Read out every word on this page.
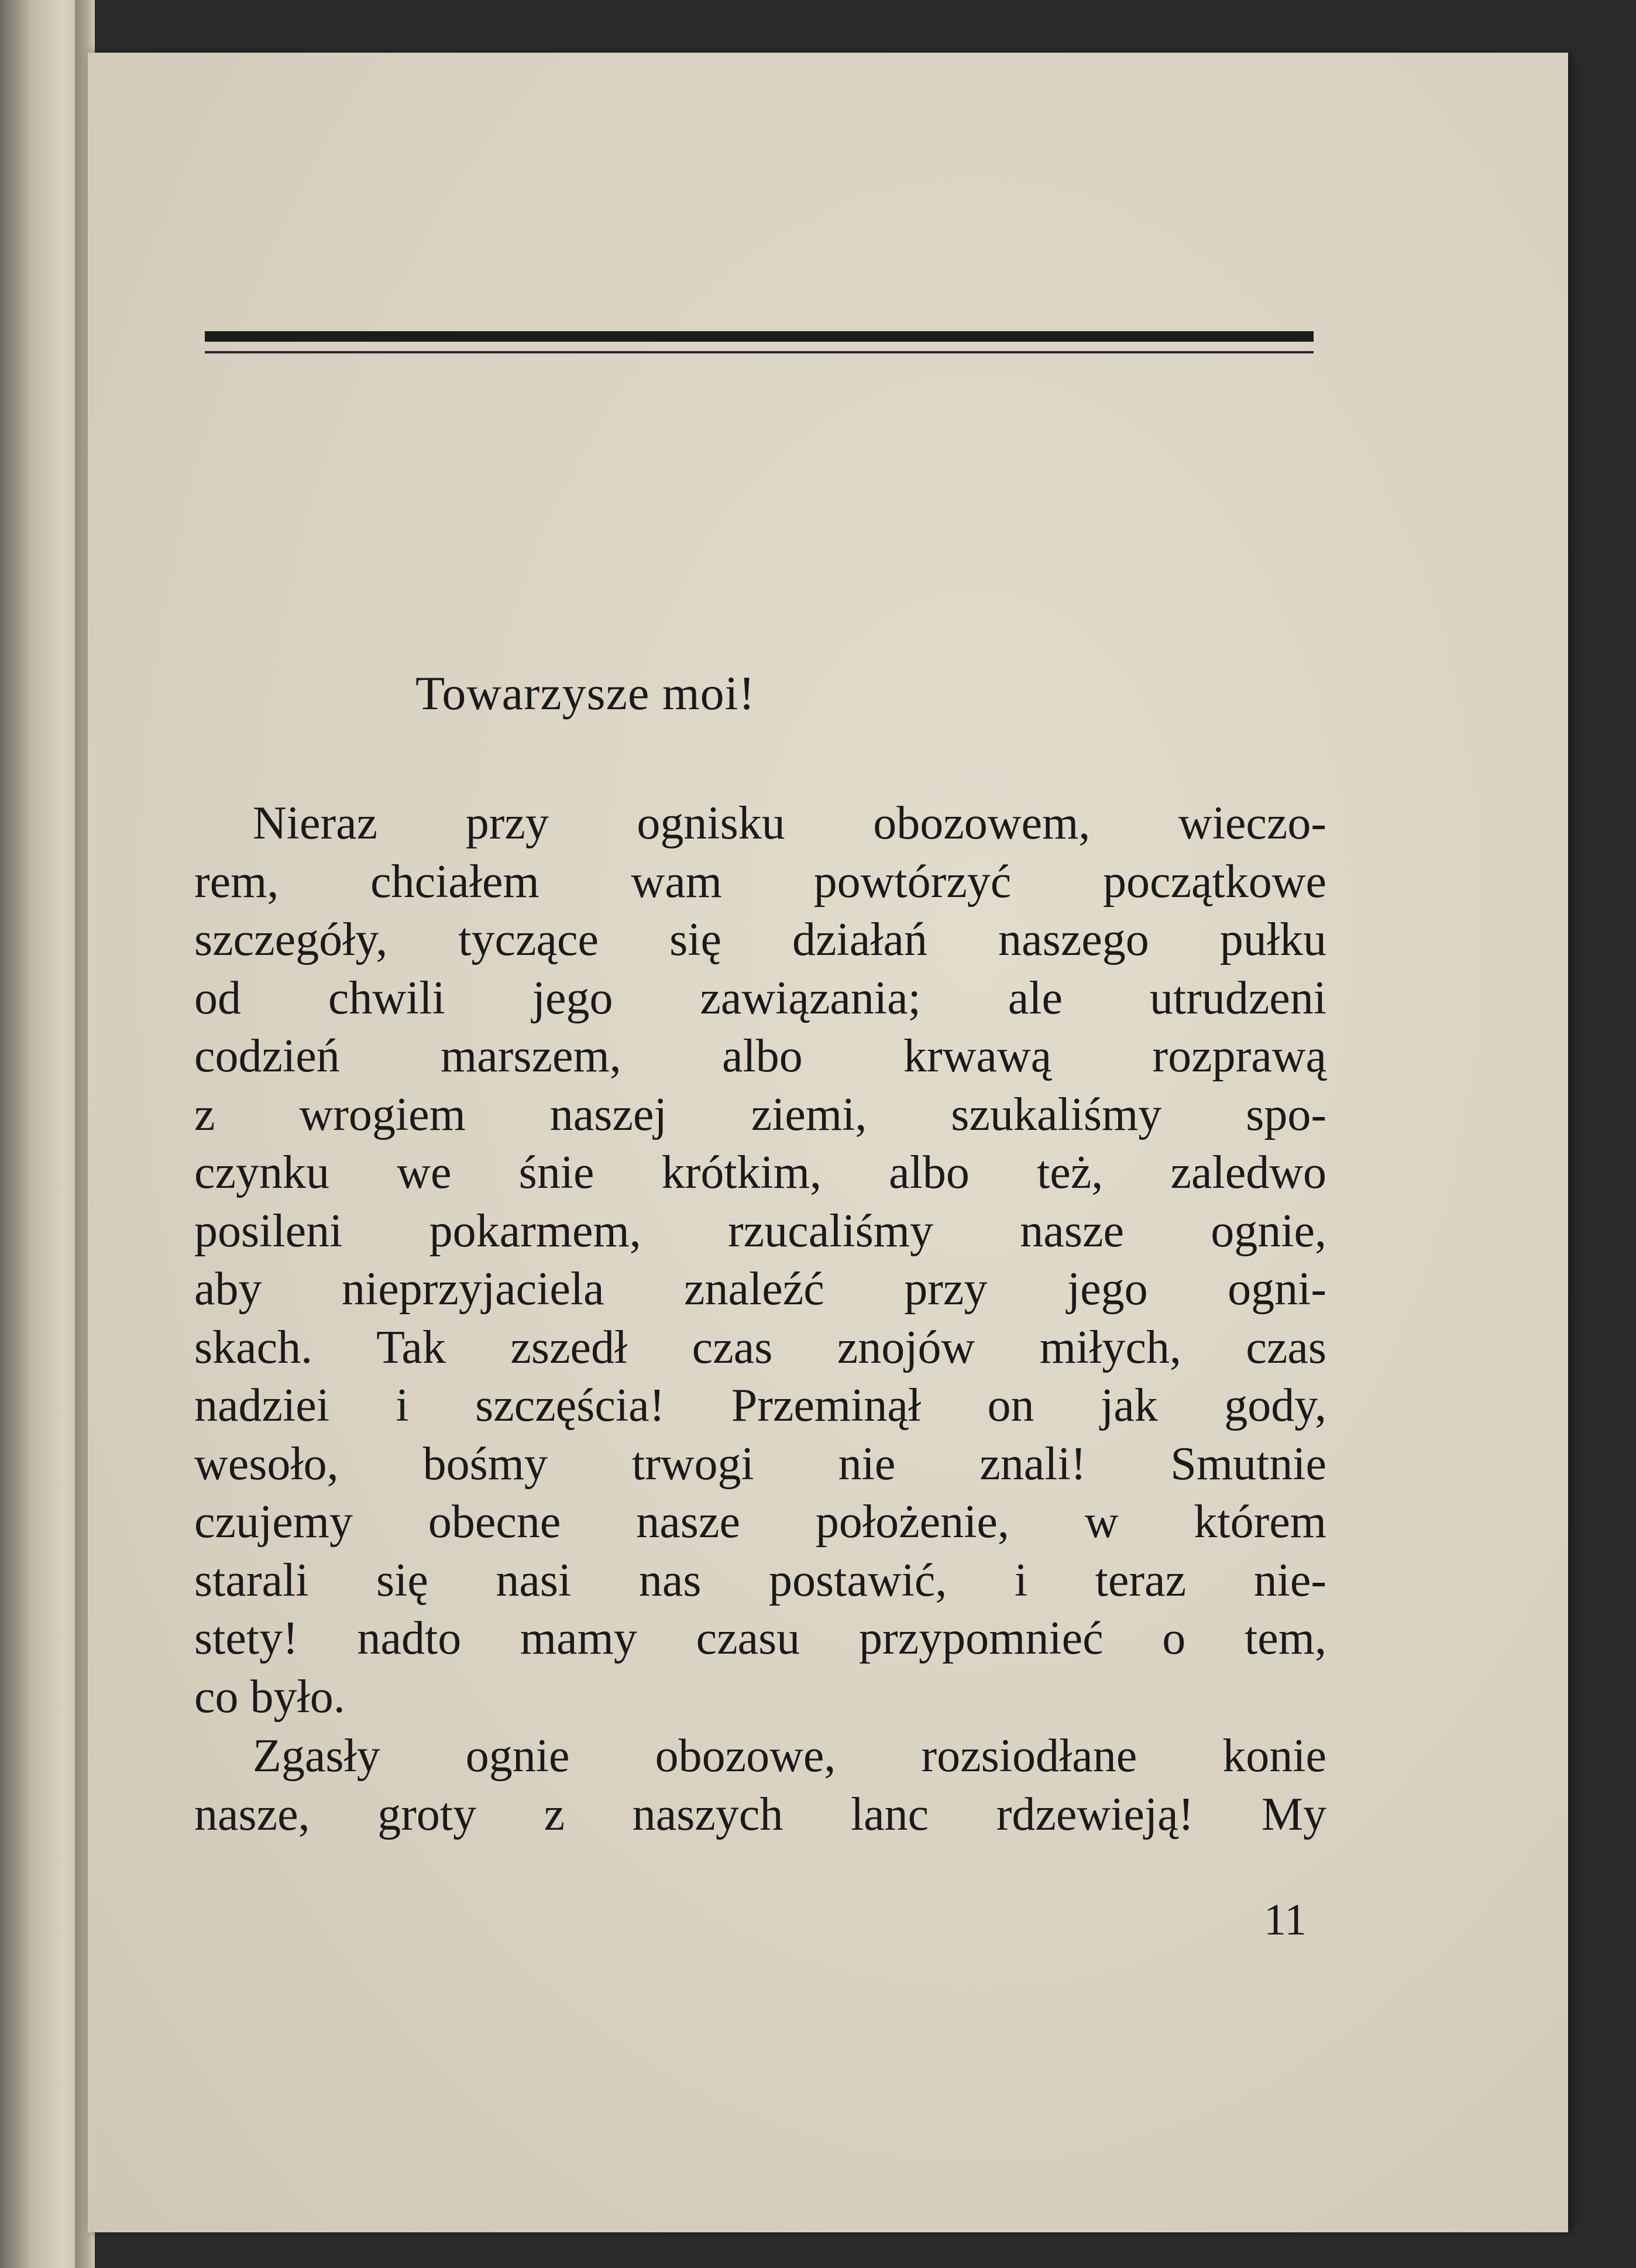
Towarzysze moi!
Nieraz przy ognisku obozowem, wieczo-
rem, chciałem wam powtórzyć początkowe
szczegóły, tyczące się działań naszego pułku
od chwili jego zawiązania; ale utrudzeni
codzień marszem, albo krwawą rozprawą
z wrogiem naszej ziemi, szukaliśmy spo-
czynku we śnie krótkim, albo też, zaledwo
posileni pokarmem, rzucaliśmy nasze ognie,
aby nieprzyjaciela znaleźć przy jego ogni-
skach. Tak zszedł czas znojów miłych, czas
nadziei i szczęścia! Przeminął on jak gody,
wesoło, bośmy trwogi nie znali! Smutnie
czujemy obecne nasze położenie, w którem
starali się nasi nas postawić, i teraz nie-
stety! nadto mamy czasu przypomnieć o tem,
co było.
Zgasły ognie obozowe, rozsiodłane konie
nasze, groty z naszych lanc rdzewieją! My
11
